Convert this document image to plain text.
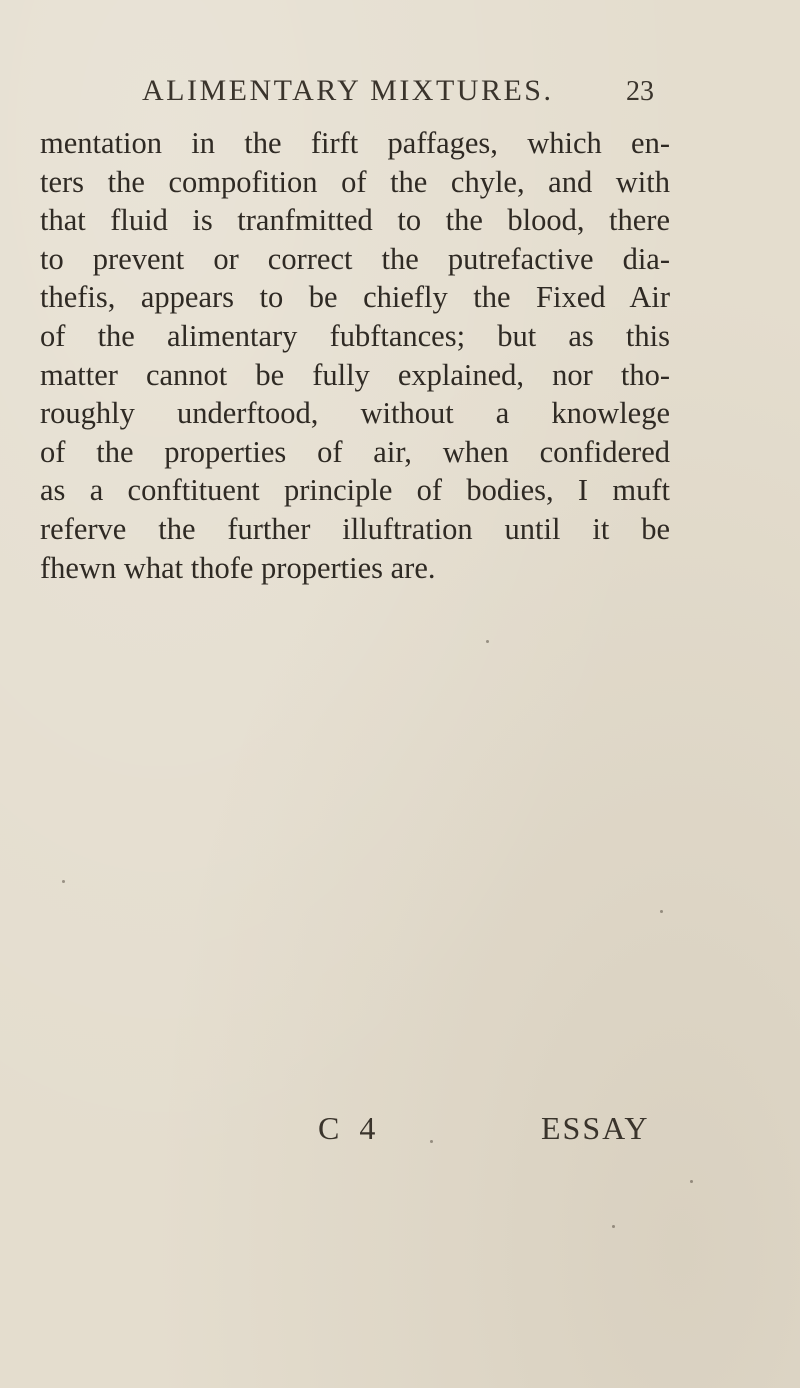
ALIMENTARY MIXTURES.	23
mentation in the firft paffages, which en-
ters the compofition of the chyle, and with
that fluid is tranfmitted to the blood, there
to prevent or correct the putrefactive dia-
thefis, appears to be chiefly the Fixed Air
of the alimentary fubftances; but as this
matter cannot be fully explained, nor tho-
roughly underftood, without a knowlege
of the properties of air, when confidered
as a conftituent principle of bodies, I muft
referve the further illuftration until it be
fhewn what thofe properties are.
C 4	ESSAY
